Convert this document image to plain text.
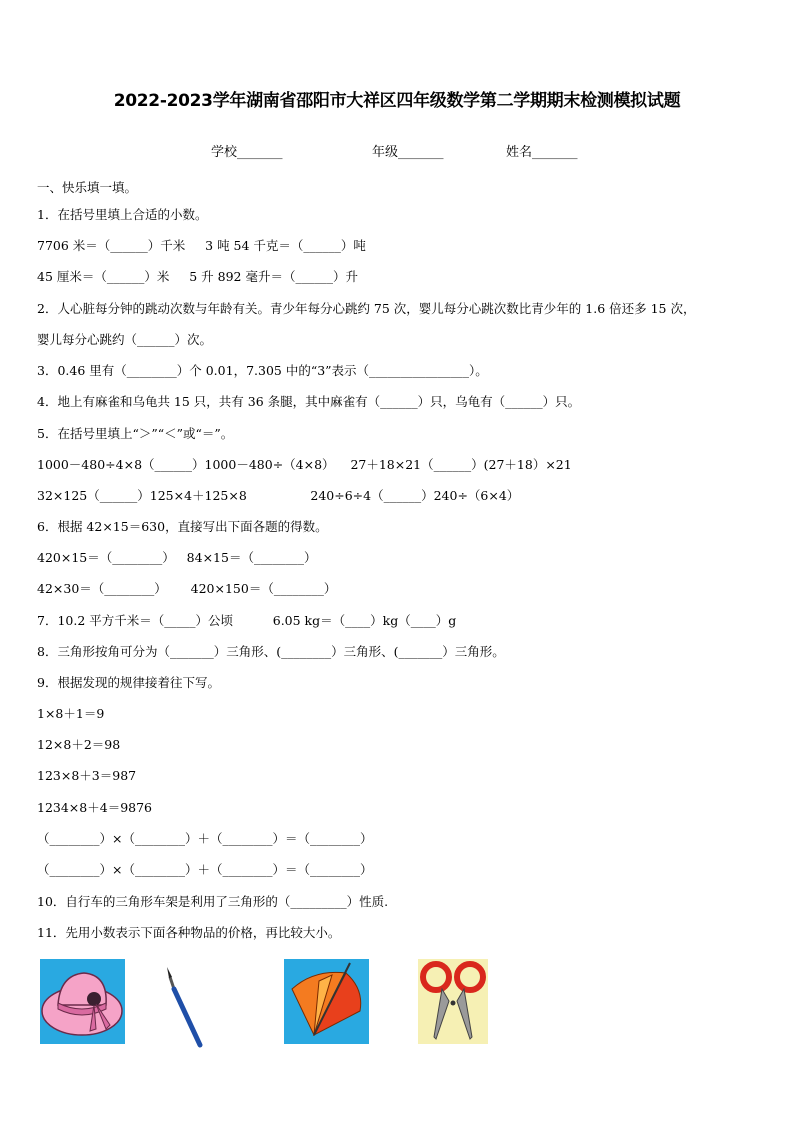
2022-2023学年湖南省邵阳市大祥区四年级数学第二学期期末检测模拟试题
学校_______	年级_______	姓名_______
一、快乐填一填。
1．在括号里填上合适的小数。
7706 米＝（______）千米     3 吨 54 千克＝（______）吨
45 厘米＝（______）米     5 升 892 毫升＝（______）升
2．人心脏每分钟的跳动次数与年龄有关。青少年每分心跳约 75 次，婴儿每分心跳次数比青少年的 1.6 倍还多 15 次，
婴儿每分心跳约（______）次。
3．0.46 里有（________）个 0.01，7.305 中的“3”表示（________________）。
4．地上有麻雀和乌龟共 15 只，共有 36 条腿，其中麻雀有（______）只，乌龟有（______）只。
5．在括号里填上“＞”“＜”或“＝”。
1000－480÷4×8（______）1000－480÷（4×8）    27＋18×21（______）(27＋18）×21
32×125（______）125×4＋125×8                240÷6÷4（______）240÷（6×4）
6．根据 42×15＝630，直接写出下面各题的得数。
420×15＝（________）   84×15＝（________）
42×30＝（________）      420×150＝（________）
7．10.2 平方千米＝（_____）公顷          6.05 kg＝（____）kg（____）g
8．三角形按角可分为（_______）三角形、(________）三角形、(_______）三角形。
9．根据发现的规律接着往下写。
1×8＋1＝9
12×8＋2＝98
123×8＋3＝987
1234×8＋4＝9876
（________）×（________）＋（________）＝（________）
（________）×（________）＋（________）＝（________）
10．自行车的三角形车架是利用了三角形的（_________）性质.
11．先用小数表示下面各种物品的价格，再比较大小。
